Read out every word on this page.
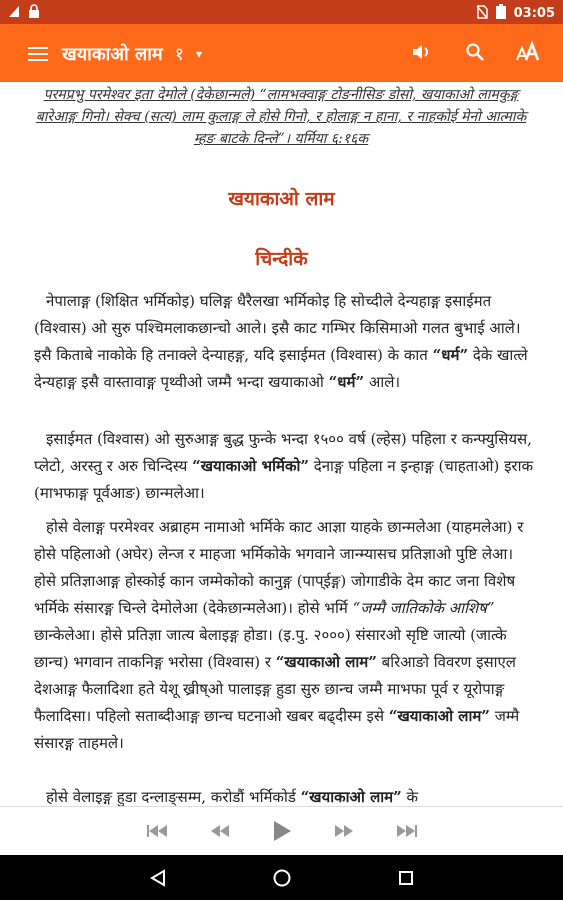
03:05
खयाकाओ लाम १ ▾
परमप्रभु परमेश्वर इता देमोले (देकेछान्मले) “लामभक्वाङ्ग टोङनीसिङ डोसो, खयाकाओ लामकुङ्ग बारेआङ्ग गिनो। सेक्च (सत्य) लाम कुलाङ्ग ले होसे गिनो, र होलाङ्ग न हाना, र नाहकोई मेनो आत्माके म्हङ बाटके दिन्ले”। यर्मिया ६:१६क
खयाकाओ लाम
चिन्दीके
नेपालाङ्ग (शिक्षित भर्मिकोइ) घलिङ्ग धैरैलखा भर्मिकोइ हि सोच्दीले देन्यहाङ्ग इसाईमत (विश्वास) ओ सुरु पश्चिमलाकछान्चो आले। इसै काट गम्भिर किसिमाओ गलत बुभाई आले। इसै किताबे नाकोके हि तनाक्ले देन्याहङ्ग, यदि इसाईमत (विश्वास) के कात “धर्म” देके खात्ले देन्यहाङ्ग इसै वास्तावाङ्ग पृथ्वीओ जम्मै भन्दा खयाकाओ “धर्म” आले।
इसाईमत (विश्वास) ओ सुरुआङ्ग बुद्ध फुन्के भन्दा १५०० वर्ष (ल्हेस) पहिला र कन्फ्युसियस, प्लेटो, अरस्तु र अरु चिन्दिस्य “खयाकाओ भर्मिको” देनाङ्ग पहिला न इन्हाङ्ग (चाहताओ) इराक (माभफाङ्ग पूर्वआङ) छान्मलेआ।
होसे वेलाङ्ग परमेश्वर अब्राहम नामाओ भर्मिके काट आज्ञा याहके छान्मलेआ (याहमलेआ) र होसे पहिलाओ (अघेर) लेन्ज र माहजा भर्मिकोके भगवाने जान्म्यासच प्रतिज्ञाओ पुष्टि लेआ। होसे प्रतिज्ञाआङ्ग होस्कोई कान जम्मेकोको कानुङ्ग (पाप्ईङ्ग) जोगाडीके देम काट जना विशेष भर्मिके संसारङ्ग चिन्ले देमोलेआ (देकेछान्मलेआ)। होसे भर्मि “जम्मै जातिकोके आशिष” छान्केलेआ। होसे प्रतिज्ञा जात्य बेलाइङ्ग होडा। (इ.पु. २०००) संसारओ सृष्टि जात्यो (जात्के छान्च) भगवान ताकनिङ्ग भरोसा (विश्वास) र “खयाकाओ लाम” बरिआङो विवरण इसाएल देशआङ्ग फैलादिशा हते येशू ख्रीष्ओ पालाइङ्ग हुडा सुरु छान्च जम्मै माभफा पूर्व र यूरोपाङ्ग फैलादिसा। पहिलो सताब्दीआङ्ग छान्च घटनाओ खबर बढ्दीस्म इसे “खयाकाओ लाम” जम्मै संसारङ्ग ताहमले।
होसे वेलाइङ्ग हुडा दन्लाङ्सम्म, करोडौं भर्मिकोर्ड “खयाकाओ लाम” के
